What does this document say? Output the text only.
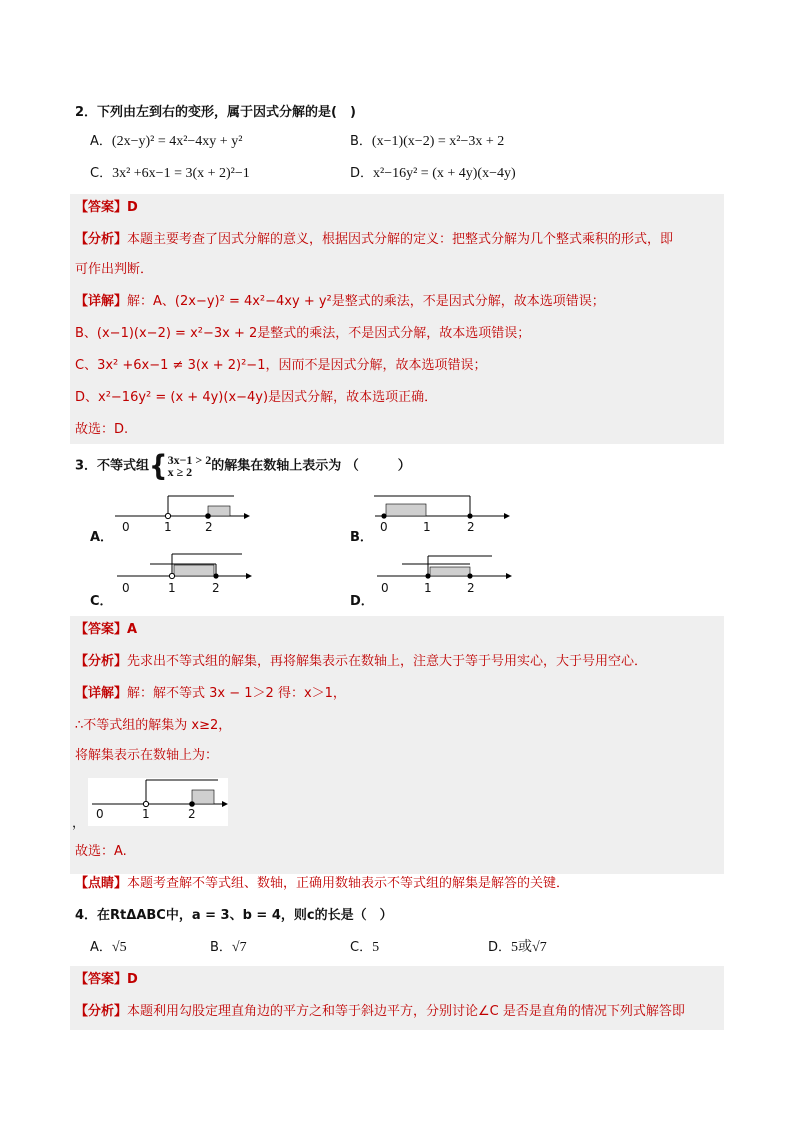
2．下列由左到右的变形，属于因式分解的是(　)
A．(2x−y)² = 4x²−4xy + y²	B．(x−1)(x−2) = x²−3x + 2
C．3x² +6x−1 = 3(x + 2)²−1	D．x²−16y² = (x + 4y)(x−4y)
【答案】D
【分析】本题主要考查了因式分解的意义，根据因式分解的定义：把整式分解为几个整式乘积的形式，即
可作出判断．
【详解】解：A、(2x−y)² = 4x²−4xy + y²是整式的乘法，不是因式分解，故本选项错误；
B、(x−1)(x−2) = x²−3x + 2是整式的乘法，不是因式分解，故本选项错误；
C、3x² +6x−1 ≠ 3(x + 2)²−1，因而不是因式分解，故本选项错误；
D、x²−16y² = (x + 4y)(x−4y)是因式分解，故本选项正确．
故选：D.
3．不等式组{ 3x−1 > 2
x ≥ 2	的解集在数轴上表示为 （　　　）
0	1	2
A．
0	1	2
B．
0	1	2
C．
0	1	2
D．
【答案】A
【分析】先求出不等式组的解集，再将解集表示在数轴上，注意大于等于号用实心，大于号用空心．
【详解】解：解不等式 3x − 1＞2 得：x＞1，
∴不等式组的解集为 x≥2，
将解集表示在数轴上为：
0	1	2
，
故选：A.
【点睛】本题考查解不等式组、数轴，正确用数轴表示不等式组的解集是解答的关键．
4．在RtΔABC中，a = 3、b = 4，则c的长是（　）
A．√5	B．√7	C．5	D．5或√7
【答案】D
【分析】本题利用勾股定理直角边的平方之和等于斜边平方，分别讨论∠C 是否是直角的情况下列式解答即
